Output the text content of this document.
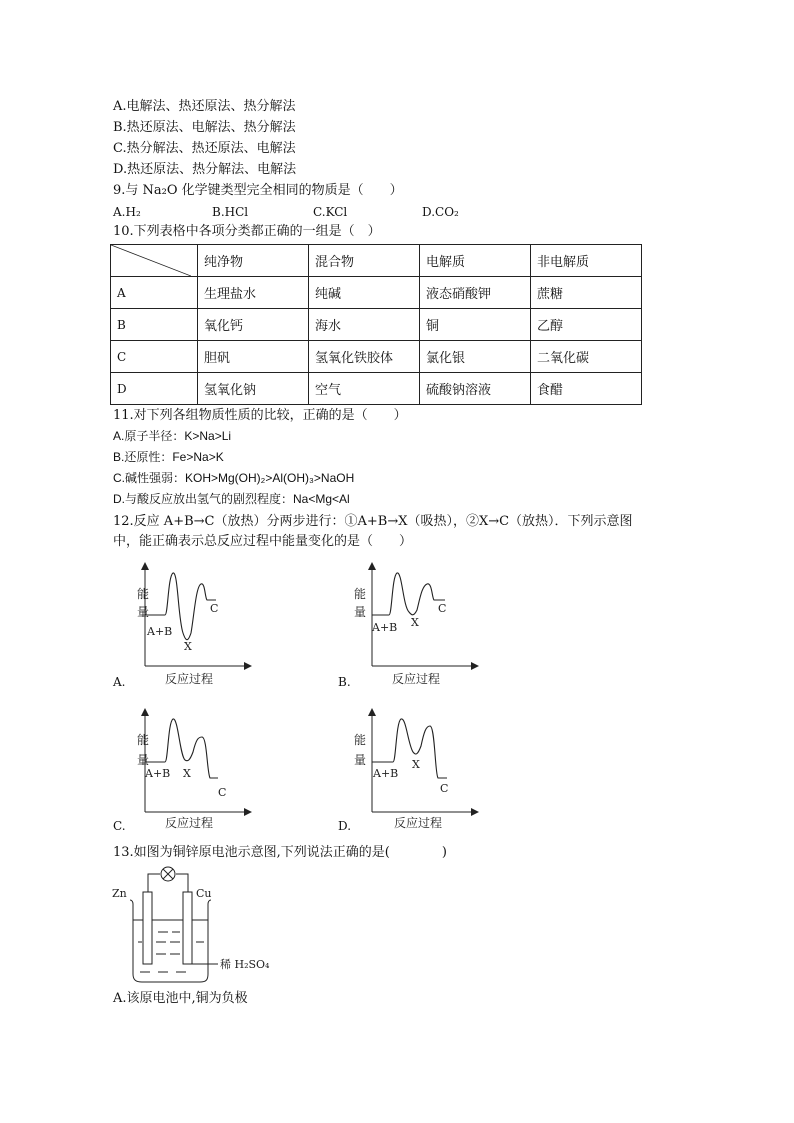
A.电解法、热还原法、热分解法
B.热还原法、电解法、热分解法
C.热分解法、热还原法、电解法
D.热还原法、热分解法、电解法
9.与 Na₂O 化学键类型完全相同的物质是（　　）
A.H₂	B.HCl	C.KCl	D.CO₂
10.下列表格中各项分类都正确的一组是（　）
	纯净物	混合物	电解质	非电解质
A	生理盐水	纯碱	液态硝酸钾	蔗糖
B	氧化钙	海水	铜	乙醇
C	胆矾	氢氧化铁胶体	氯化银	二氧化碳
D	氢氧化钠	空气	硫酸钠溶液	食醋
11.对下列各组物质性质的比较，正确的是（　　）
A.原子半径：K>Na>Li
B.还原性：Fe>Na>K
C.碱性强弱：KOH>Mg(OH)₂>Al(OH)₃>NaOH
D.与酸反应放出氢气的剧烈程度：Na<Mg<Al
12.反应 A+B→C（放热）分两步进行：①A+B→X（吸热），②X→C（放热）．下列示意图
中，能正确表示总反应过程中能量变化的是（　　）
能
量
A+B
X
C
反应过程
A.
能
量
A+B X
C
反应过程
B.
能
量
A+B X
C
反应过程
C.
能
量
A+B
X
C
反应过程
D.
13.如图为铜锌原电池示意图,下列说法正确的是(　　　　)
Zn	Cu
稀 H₂SO₄
A.该原电池中,铜为负极
